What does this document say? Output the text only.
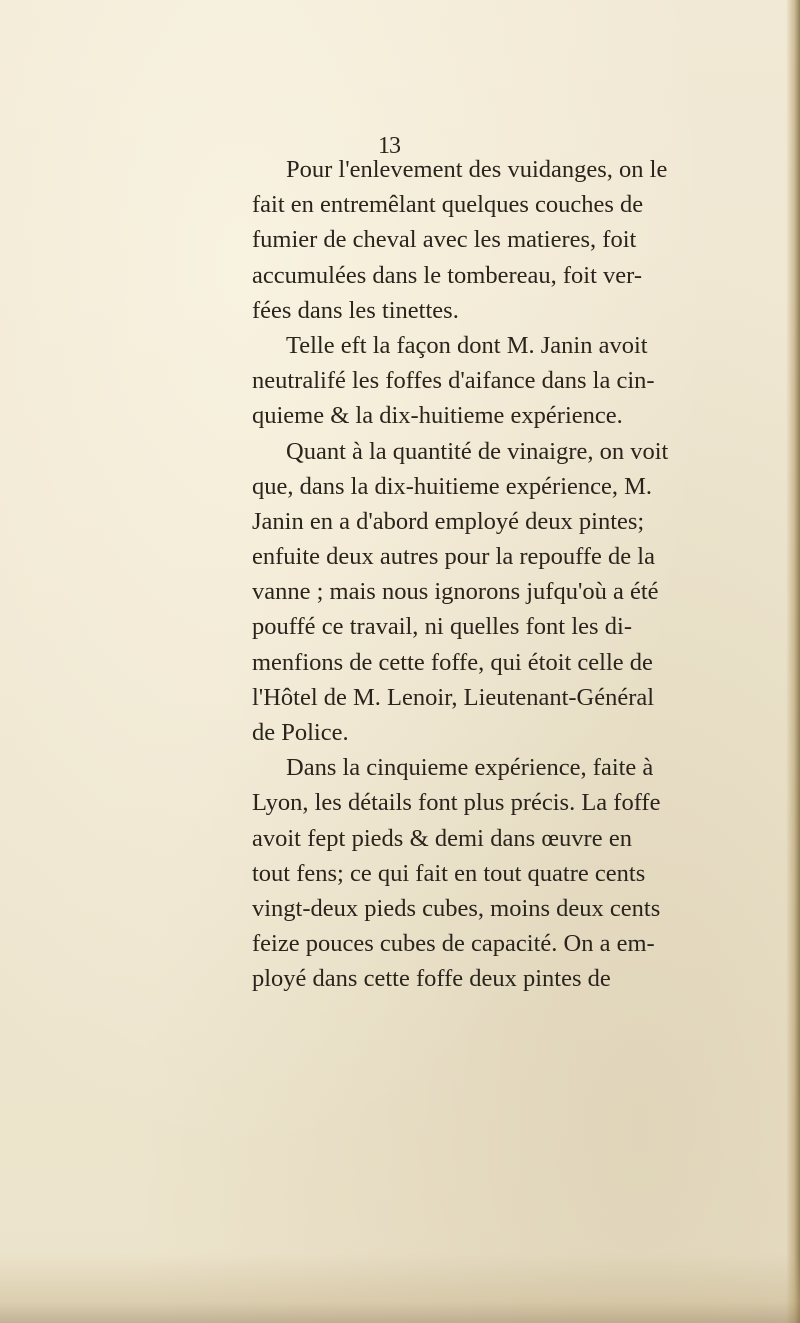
13
Pour l'enlevement des vuidanges, on le
fait en entremêlant quelques couches de
fumier de cheval avec les matieres, foit
accumulées dans le tombereau, foit ver-
fées dans les tinettes.
Telle eft la façon dont M. Janin avoit
neutralifé les foffes d'aifance dans la cin-
quieme & la dix-huitieme expérience.
Quant à la quantité de vinaigre, on voit
que, dans la dix-huitieme expérience, M.
Janin en a d'abord employé deux pintes;
enfuite deux autres pour la repouffe de la
vanne ; mais nous ignorons jufqu'où a été
pouffé ce travail, ni quelles font les di-
menfions de cette foffe, qui étoit celle de
l'Hôtel de M. Lenoir, Lieutenant-Général
de Police.
Dans la cinquieme expérience, faite à
Lyon, les détails font plus précis. La foffe
avoit fept pieds & demi dans œuvre en
tout fens; ce qui fait en tout quatre cents
vingt-deux pieds cubes, moins deux cents
feize pouces cubes de capacité. On a em-
ployé dans cette foffe deux pintes de
